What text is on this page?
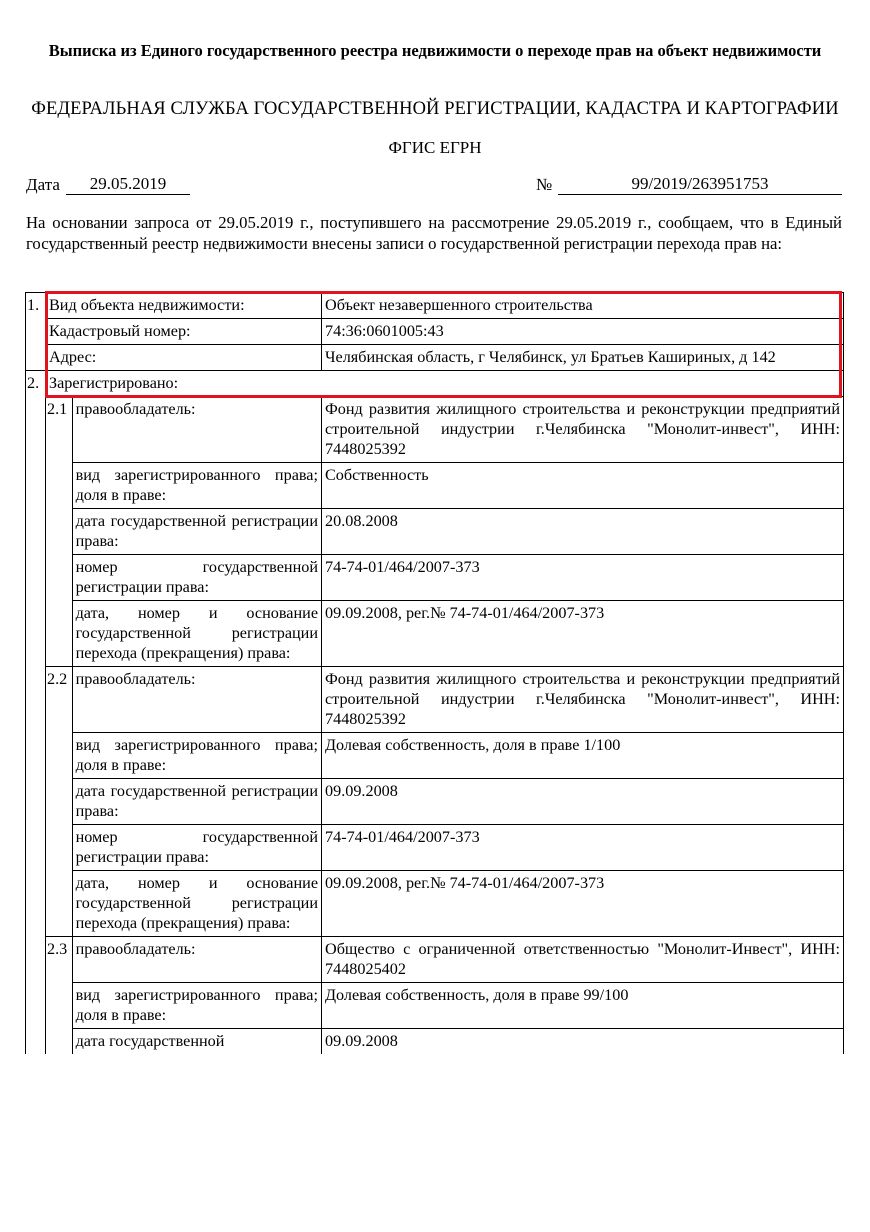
Выписка из Единого государственного реестра недвижимости о переходе прав на объект недвижимости
ФЕДЕРАЛЬНАЯ СЛУЖБА ГОСУДАРСТВЕННОЙ РЕГИСТРАЦИИ, КАДАСТРА И КАРТОГРАФИИ
ФГИС ЕГРН
Дата	29.05.2019	№	99/2019/263951753
На основании запроса от 29.05.2019 г., поступившего на рассмотрение 29.05.2019 г., сообщаем, что в Единый государственный реестр недвижимости внесены записи о государственной регистрации перехода прав на:
1.	Вид объекта недвижимости:		Объект незавершенного строительства
	Кадастровый номер:		74:36:0601005:43
	Адрес:		Челябинская область, г Челябинск, ул Братьев Кашириных, д 142
2.	Зарегистрировано:		
	2.1	правообладатель:	Фонд развития жилищного строительства и реконструкции предприятий строительной индустрии г.Челябинска "Монолит-инвест", ИНН: 7448025392
		вид зарегистрированного права; доля в праве:	Собственность
		дата государственной регистрации права:	20.08.2008
		номер государственной регистрации права:	74-74-01/464/2007-373
		дата, номер и основание государственной регистрации перехода (прекращения) права:	09.09.2008, рег.№ 74-74-01/464/2007-373
	2.2	правообладатель:	Фонд развития жилищного строительства и реконструкции предприятий строительной индустрии г.Челябинска "Монолит-инвест", ИНН: 7448025392
		вид зарегистрированного права; доля в праве:	Долевая собственность, доля в праве 1/100
		дата государственной регистрации права:	09.09.2008
		номер государственной регистрации права:	74-74-01/464/2007-373
		дата, номер и основание государственной регистрации перехода (прекращения) права:	09.09.2008, рег.№ 74-74-01/464/2007-373
	2.3	правообладатель:	Общество с ограниченной ответственностью "Монолит-Инвест", ИНН: 7448025402
		вид зарегистрированного права; доля в праве:	Долевая собственность, доля в праве 99/100
		дата государственной	09.09.2008
